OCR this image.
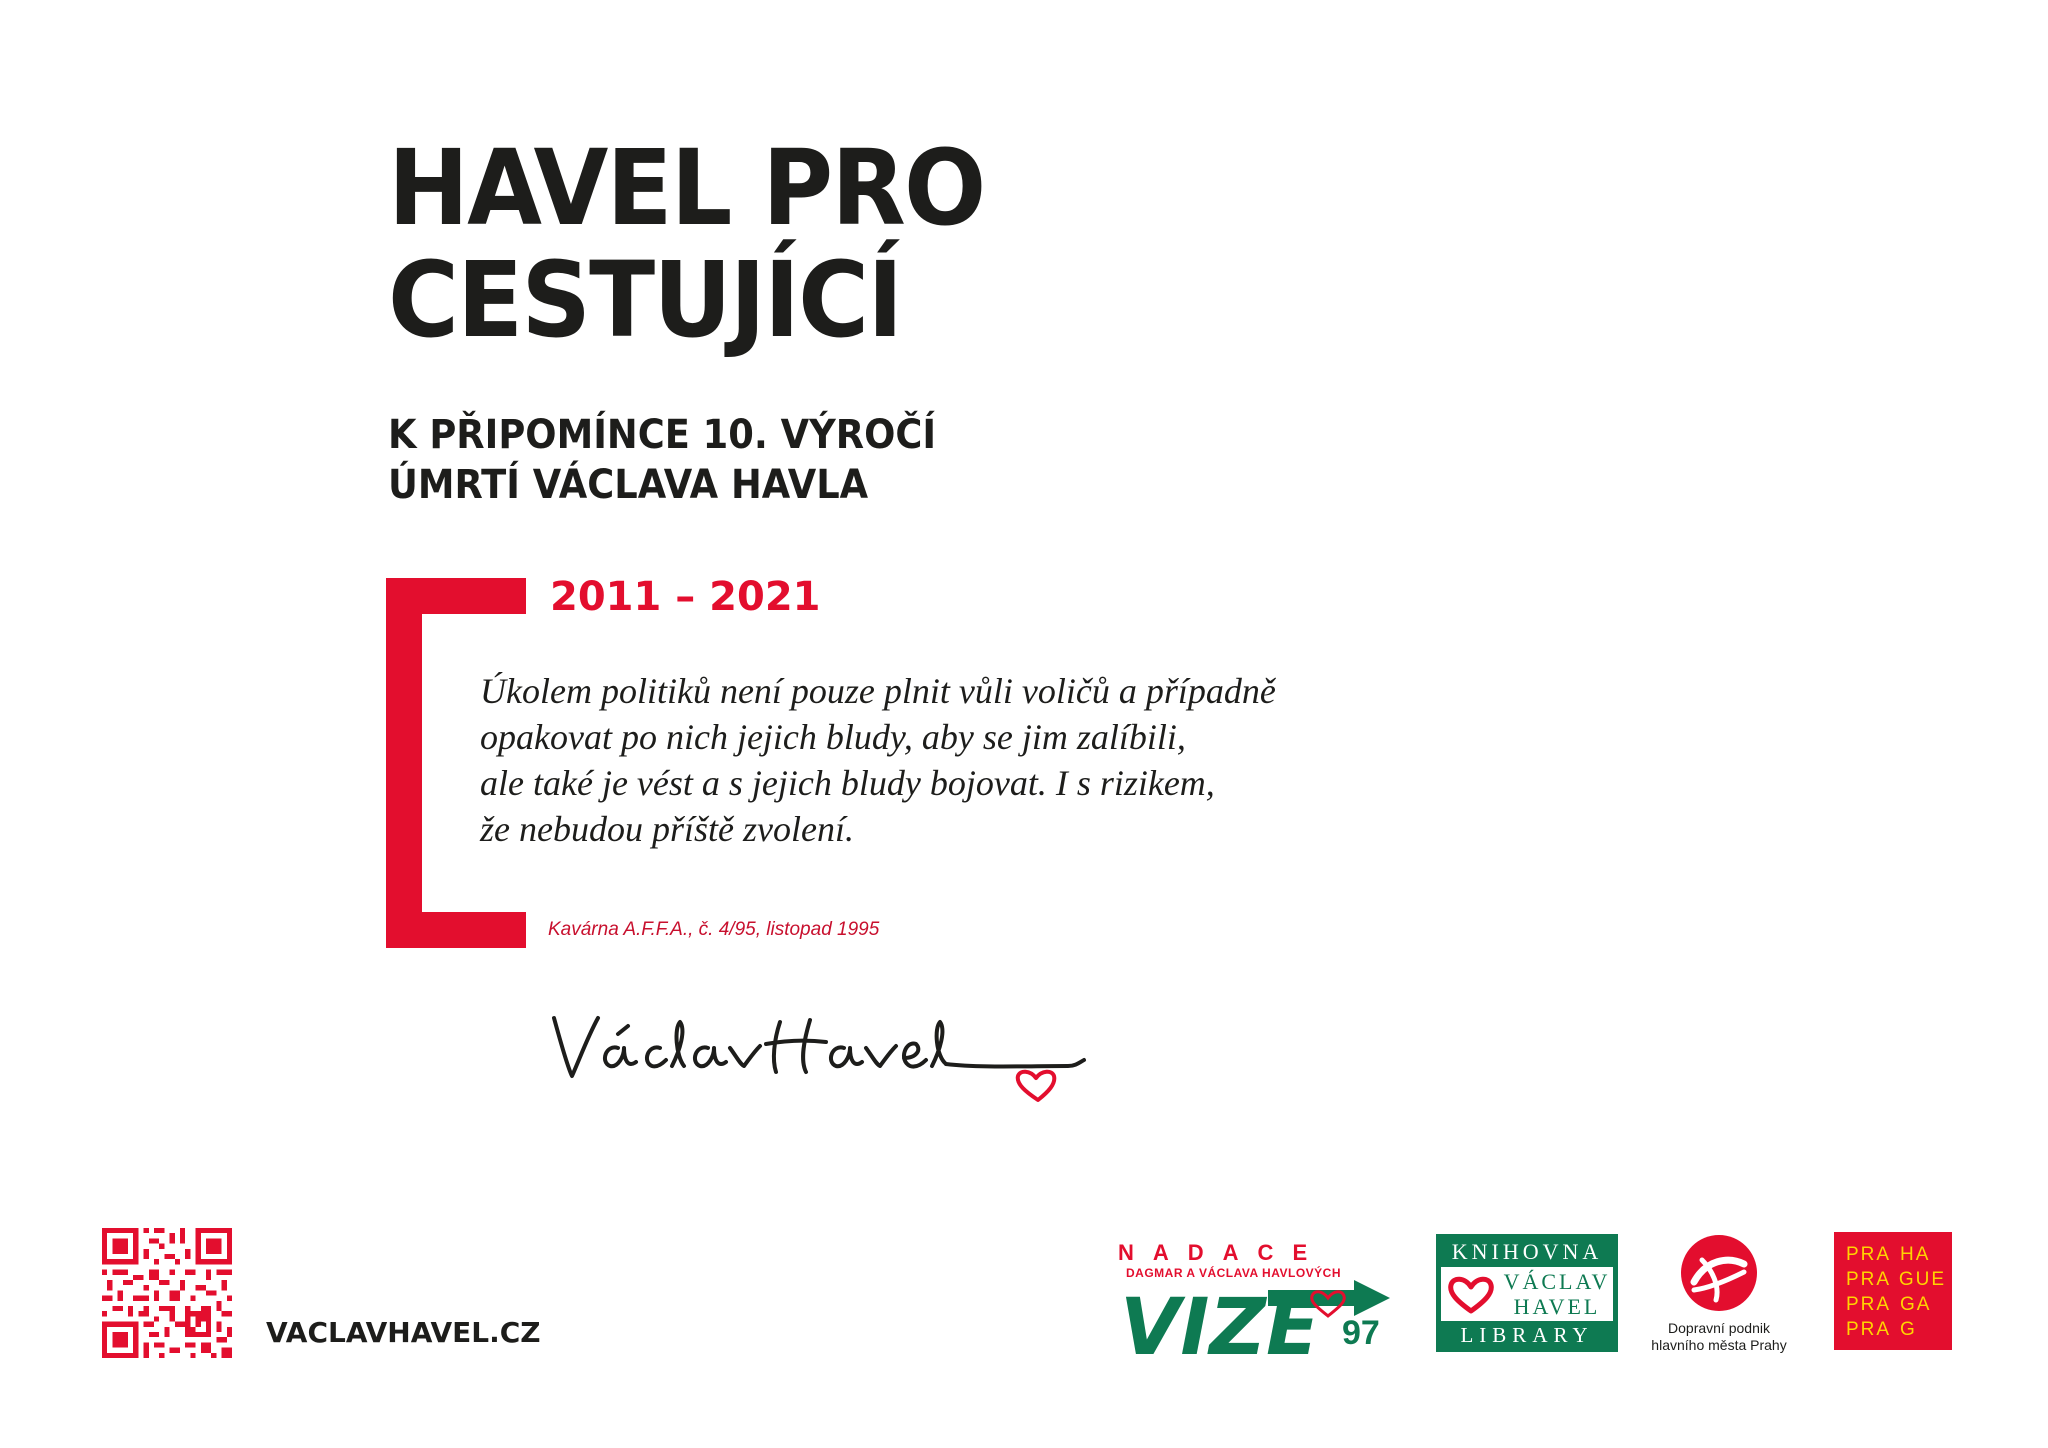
HAVEL PRO
CESTUJÍCÍ
K PŘIPOMÍNCE 10. VÝROČÍ
ÚMRTÍ VÁCLAVA HAVLA
2011 – 2021
Úkolem politiků není pouze plnit vůli voličů a případně
opakovat po nich jejich bludy, aby se jim zalíbili,
ale také je vést a s jejich bludy bojovat. I s rizikem,
že nebudou příště zvolení.
Kavárna A.F.F.A., č. 4/95, listopad 1995
VACLAVHAVEL.CZ
NADACE
DAGMAR A VÁCLAVA HAVLOVÝCH
VIZE 97
KNIHOVNA
VÁCLAV
HAVEL
LIBRARY	Dopravní podnik
hlavního města Prahy
PRA HA
PRA GUE
PRA GA
PRA G
